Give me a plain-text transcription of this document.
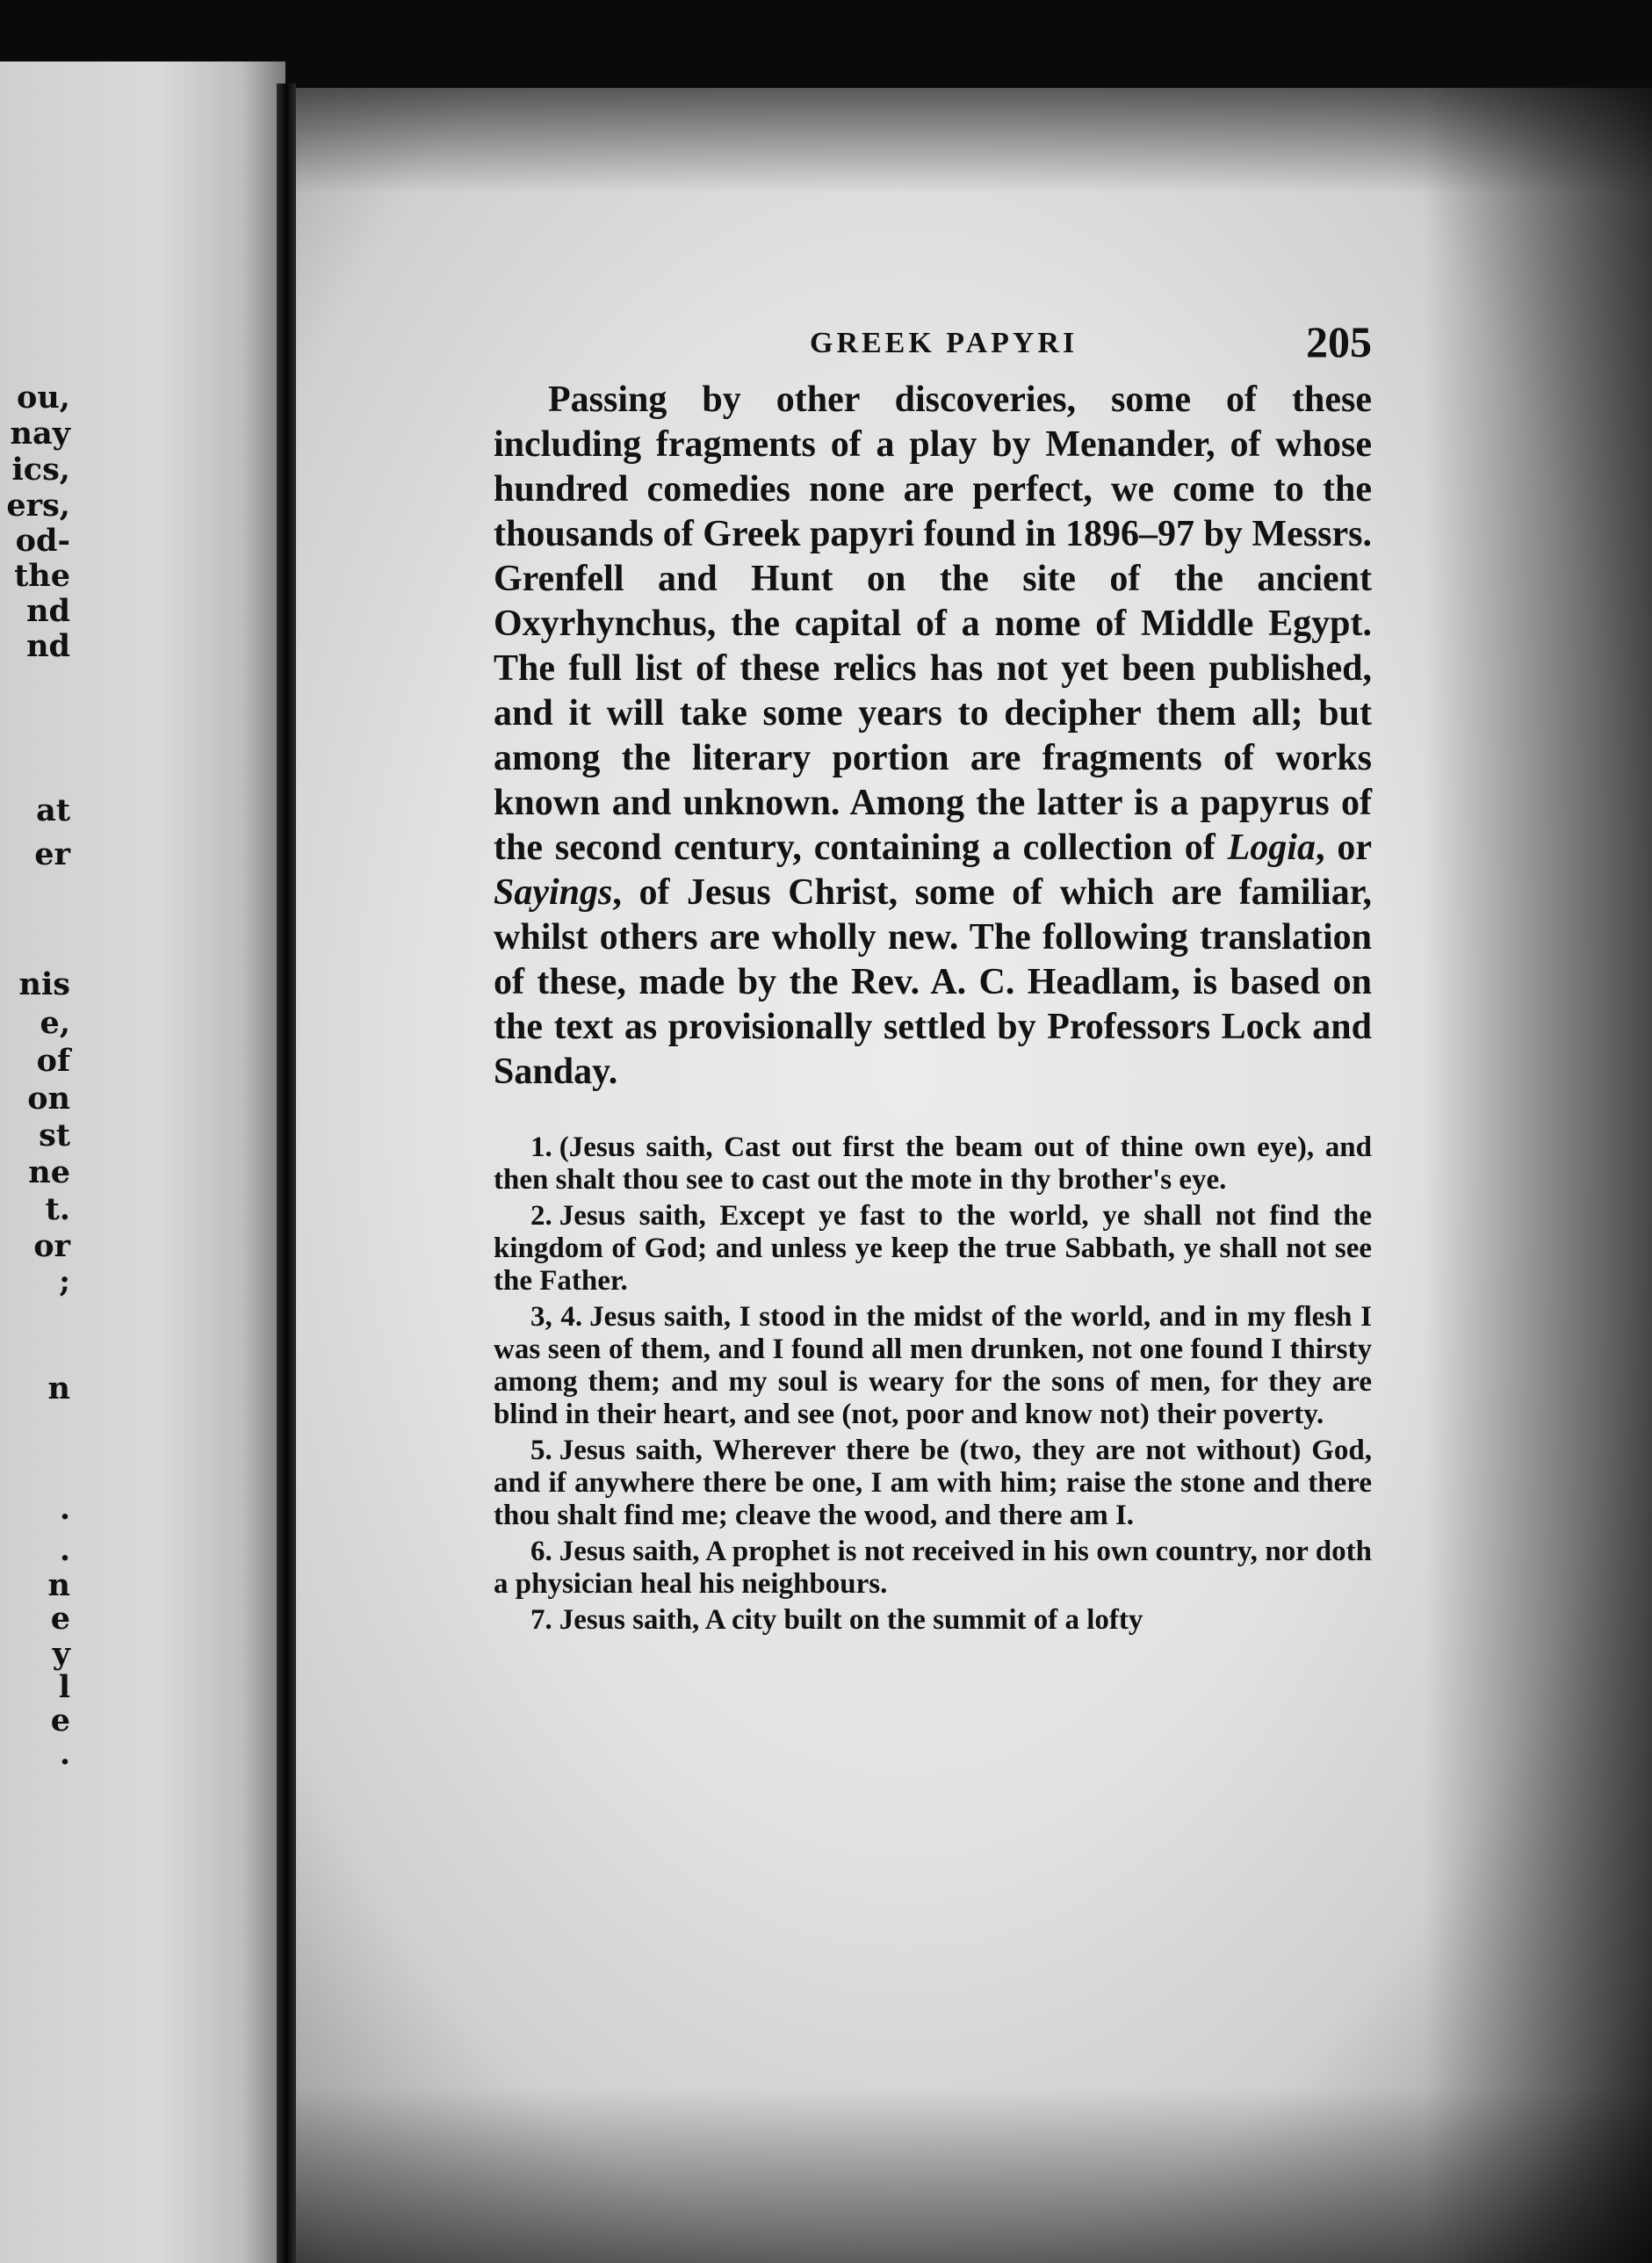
ou,
nay
ics,
ers,
od-
the
nd
nd
at
er
nis
e,
of
on
st
ne
t.
or
;
n
.
.
n
e
y
l
e
.
GREEK PAPYRI	205

Passing by other discoveries, some of these including fragments of a play by Menander, of whose hundred comedies none are perfect, we come to the thousands of Greek papyri found in 1896–97 by Messrs. Grenfell and Hunt on the site of the ancient Oxyrhynchus, the capital of a nome of Middle Egypt. The full list of these relics has not yet been published, and it will take some years to decipher them all; but among the literary portion are fragments of works known and unknown. Among the latter is a papyrus of the second century, containing a collection of Logia, or Sayings, of Jesus Christ, some of which are familiar, whilst others are wholly new. The following translation of these, made by the Rev. A. C. Headlam, is based on the text as provisionally settled by Professors Lock and Sanday.

1. (Jesus saith, Cast out first the beam out of thine own eye), and then shalt thou see to cast out the mote in thy brother's eye.

2. Jesus saith, Except ye fast to the world, ye shall not find the kingdom of God; and unless ye keep the true Sabbath, ye shall not see the Father.

3, 4. Jesus saith, I stood in the midst of the world, and in my flesh I was seen of them, and I found all men drunken, not one found I thirsty among them; and my soul is weary for the sons of men, for they are blind in their heart, and see (not, poor and know not) their poverty.

5. Jesus saith, Wherever there be (two, they are not without) God, and if anywhere there be one, I am with him; raise the stone and there thou shalt find me; cleave the wood, and there am I.

6. Jesus saith, A prophet is not received in his own country, nor doth a physician heal his neighbours.

7. Jesus saith, A city built on the summit of a lofty
